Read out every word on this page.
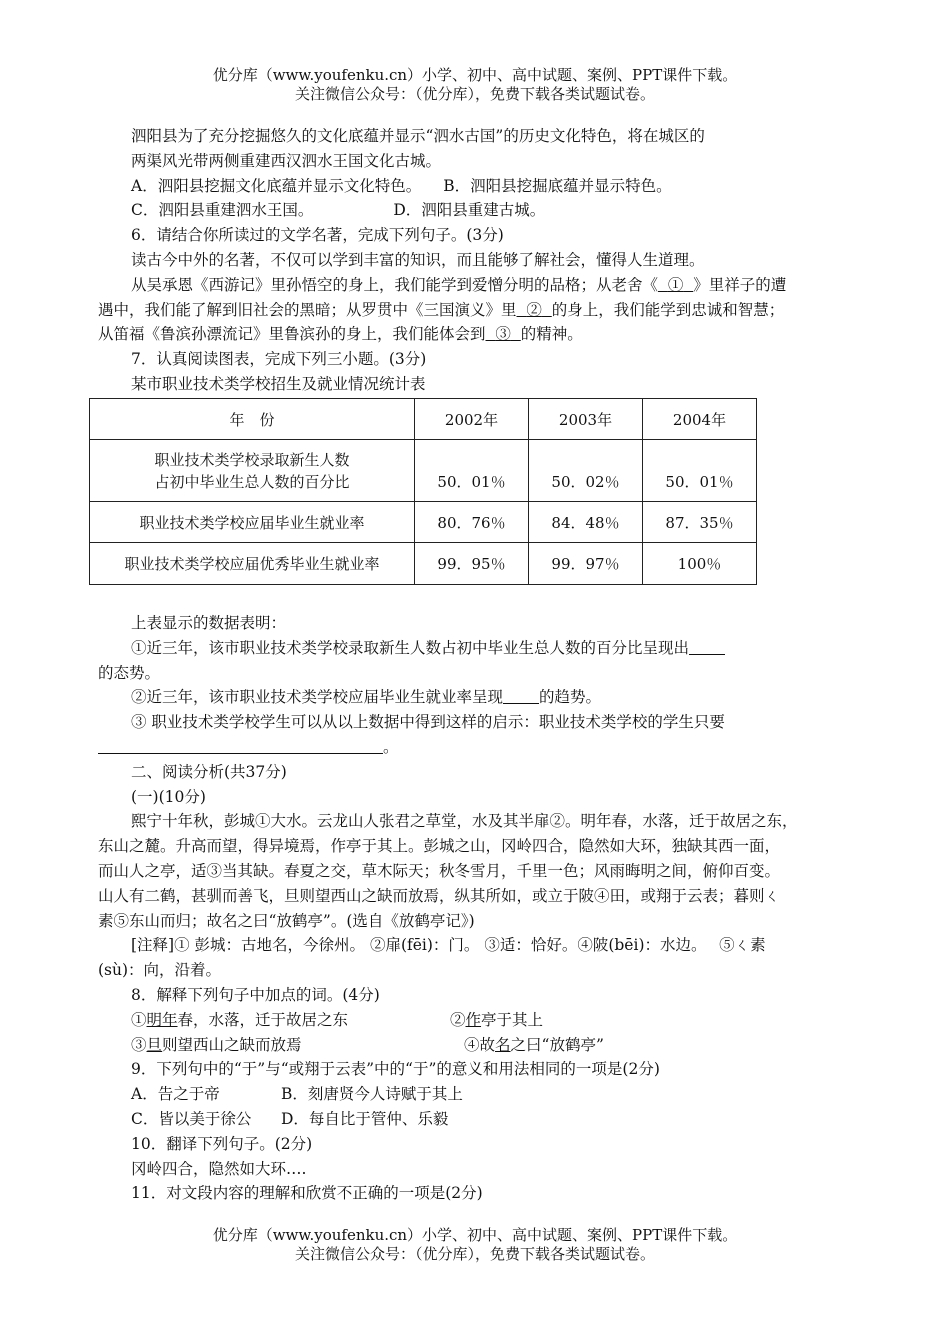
优分库（www.youfenku.cn）小学、初中、高中试题、案例、PPT课件下载。
关注微信公众号：（优分库），免费下载各类试题试卷。
泗阳县为了充分挖掘悠久的文化底蕴并显示“泗水古国”的历史文化特色，将在城区的
两渠风光带两侧重建西汉泗水王国文化古城。
A．泗阳县挖掘文化底蕴并显示文化特色。 B．泗阳县挖掘底蕴并显示特色。
C．泗阳县重建泗水王国。	D．泗阳县重建古城。
6．请结合你所读过的文学名著，完成下列句子。(3分)
读古今中外的名著，不仅可以学到丰富的知识，而且能够了解社会，懂得人生道理。
从吴承恩《西游记》里孙悟空的身上，我们能学到爱憎分明的品格；从老舍《 ① 》里祥子的遭
遇中，我们能了解到旧社会的黑暗；从罗贯中《三国演义》里 ② 的身上，我们能学到忠诚和智慧；
从笛福《鲁滨孙漂流记》里鲁滨孙的身上，我们能体会到 ③ 的精神。
7．认真阅读图表，完成下列三小题。(3分)
某市职业技术类学校招生及就业情况统计表
年　份	2002年	2003年	2004年

职业技术类学校录取新生人数
占初中毕业生总人数的百分比	50．01％	50．02％	50．01％
职业技术类学校应届毕业生就业率	80．76％	84．48％	87．35％
职业技术类学校应届优秀毕业生就业率	99．95％	99．97％	100％
上表显示的数据表明：
①近三年，该市职业技术类学校录取新生人数占初中毕业生总人数的百分比呈现出
的态势。
②近三年，该市职业技术类学校应届毕业生就业率呈现 的趋势。
③ 职业技术类学校学生可以从以上数据中得到这样的启示：职业技术类学校的学生只要
。
二、阅读分析(共37分)
(一)(10分)
熙宁十年秋，彭城①大水。云龙山人张君之草堂，水及其半扉②。明年春，水落，迁于故居之东，
东山之麓。升高而望，得异境焉，作亭于其上。彭城之山，冈岭四合，隐然如大环，独缺其西一面，
而山人之亭，适③当其缺。春夏之交，草木际天；秋冬雪月，千里一色；风雨晦明之间，俯仰百变。
山人有二鹤，甚驯而善飞，旦则望西山之缺而放焉，纵其所如，或立于陂④田，或翔于云表；暮则ㄑ
素⑤东山而归；故名之曰“放鹤亭”。(选自《放鹤亭记》)
[注释]① 彭城：古地名，今徐州。 ②扉(fēi)：门。 ③适：恰好。④陂(bēi)：水边。　 ⑤ㄑ素
(sù)：向，沿着。
8．解释下列句子中加点的词。(4分)
①明年春，水落，迁于故居之东	②作亭于其上
③旦则望西山之缺而放焉	④故名之曰“放鹤亭”
9．下列句中的“于”与“或翔于云表”中的“于”的意义和用法相同的一项是(2分)
A．告之于帝	B．刻唐贤今人诗赋于其上
C．皆以美于徐公 D．每自比于管仲、乐毅
10．翻译下列句子。(2分)
冈岭四合，隐然如大环….
11．对文段内容的理解和欣赏不正确的一项是(2分)
优分库（www.youfenku.cn）小学、初中、高中试题、案例、PPT课件下载。
关注微信公众号：（优分库），免费下载各类试题试卷。
